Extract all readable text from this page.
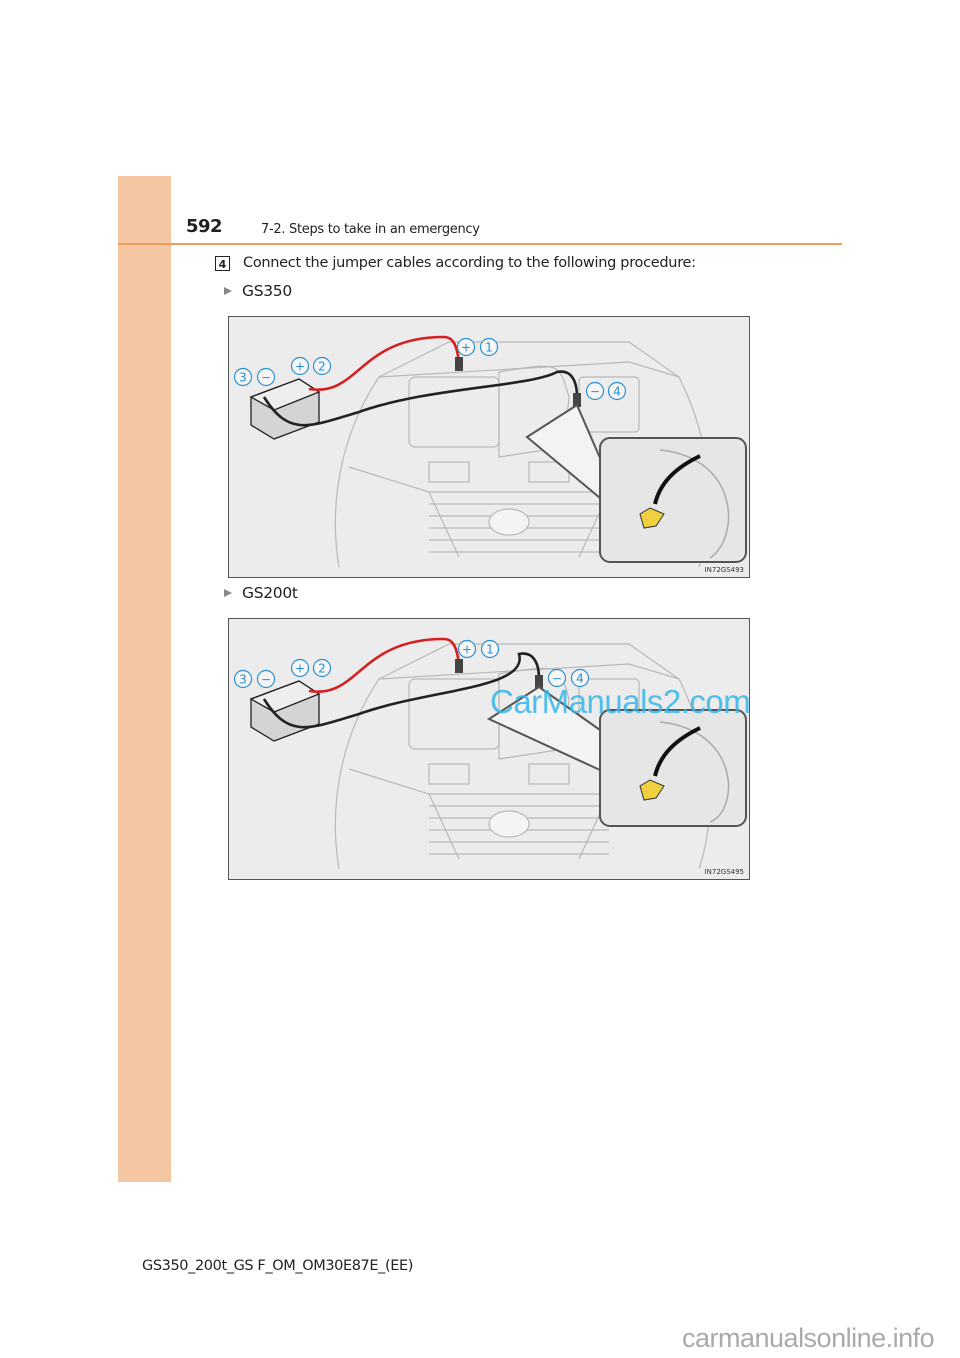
592	7-2. Steps to take in an emergency
4 Connect the jumper cables according to the following procedure:
GS350
−
3
+ 2
+ 1
− 4
IN72GS493
GS200t
−
3
+ 2
+ 1
− 4
IN72GS495
CarManuals2.com
GS350_200t_GS F_OM_OM30E87E_(EE)
carmanualsonline.info
